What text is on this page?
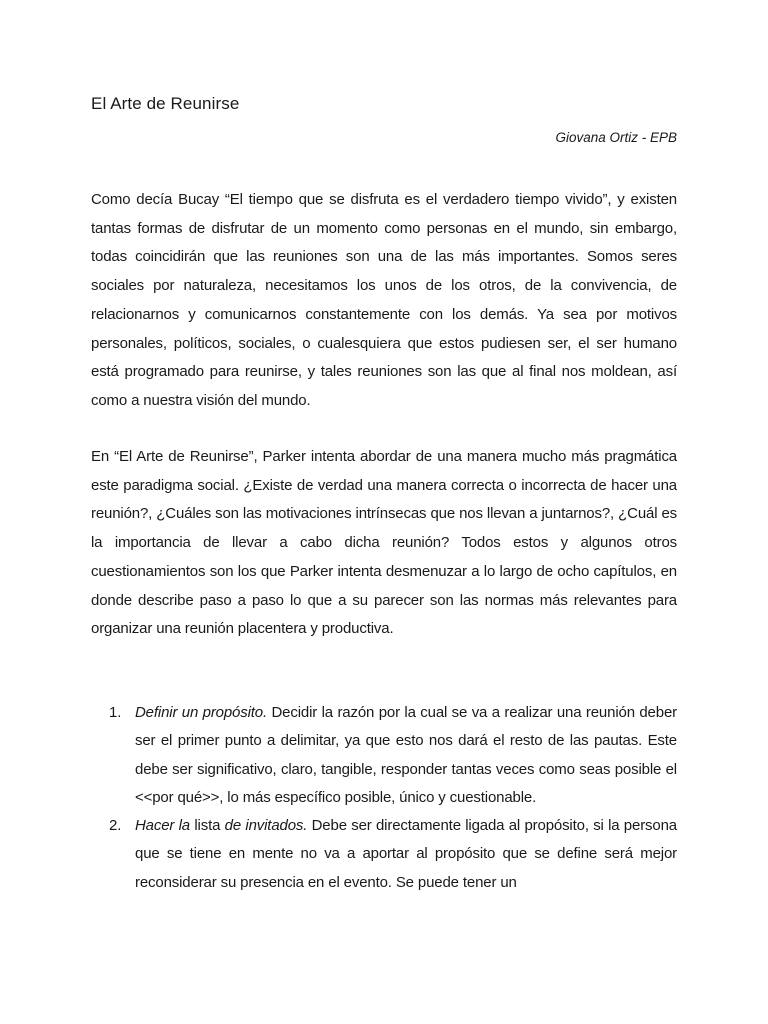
El Arte de Reunirse

Giovana Ortiz - EPB

Como decía Bucay “El tiempo que se disfruta es el verdadero tiempo vivido”, y existen tantas formas de disfrutar de un momento como personas en el mundo, sin embargo, todas coincidirán que las reuniones son una de las más importantes. Somos seres sociales por naturaleza, necesitamos los unos de los otros, de la convivencia, de relacionarnos y comunicarnos constantemente con los demás. Ya sea por motivos personales, políticos, sociales, o cualesquiera que estos pudiesen ser, el ser humano está programado para reunirse, y tales reuniones son las que al final nos moldean, así como a nuestra visión del mundo.

En “El Arte de Reunirse”, Parker intenta abordar de una manera mucho más pragmática este paradigma social. ¿Existe de verdad una manera correcta o incorrecta de hacer una reunión?, ¿Cuáles son las motivaciones intrínsecas que nos llevan a juntarnos?, ¿Cuál es la importancia de llevar a cabo dicha reunión? Todos estos y algunos otros cuestionamientos son los que Parker intenta desmenuzar a lo largo de ocho capítulos, en donde describe paso a paso lo que a su parecer son las normas más relevantes para organizar una reunión placentera y productiva.

1. Definir un propósito. Decidir la razón por la cual se va a realizar una reunión deber ser el primer punto a delimitar, ya que esto nos dará el resto de las pautas. Este debe ser significativo, claro, tangible, responder tantas veces como seas posible el <<por qué>>, lo más específico posible, único y cuestionable.
2. Hacer la lista de invitados. Debe ser directamente ligada al propósito, si la persona que se tiene en mente no va a aportar al propósito que se define será mejor reconsiderar su presencia en el evento. Se puede tener un
